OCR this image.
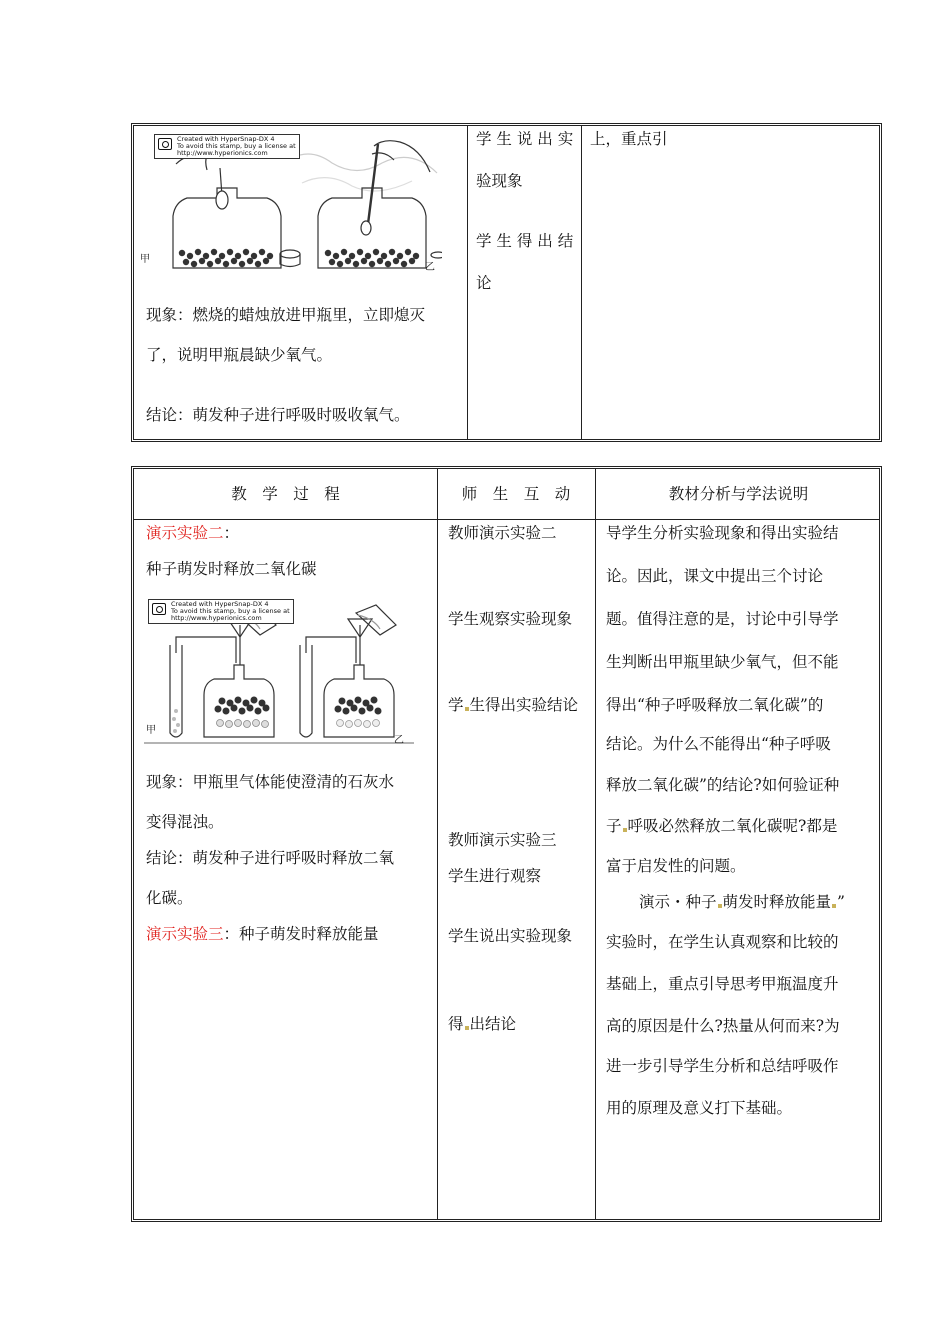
Created with HyperSnap-DX 4
To avoid this stamp, buy a license at
http://www.hyperionics.com
甲
乙
现象：燃烧的蜡烛放进甲瓶里，立即熄灭
了，说明甲瓶晨缺少氧气。
结论：萌发种子进行呼吸时吸收氧气。
学 生 说 出 实
验现象
学 生 得 出 结
论
上，重点引
教　学　过　程	师　生　互　动	教材分析与学法说明
演示实验二：
种子萌发时释放二氧化碳
Created with HyperSnap-DX 4
To avoid this stamp, buy a license at
http://www.hyperionics.com
甲
乙
现象：甲瓶里气体能使澄清的石灰水
变得混浊。
结论：萌发种子进行呼吸时释放二氧
化碳。
演示实验三：种子萌发时释放能量
教师演示实验二
学生观察实验现象
学 生得出实验结论
教师演示实验三
学生进行观察
学生说出实验现象
得 出结论
导学生分析实验现象和得出实验结
论。因此，课文中提出三个讨论
题。值得注意的是，讨论中引导学
生判断出甲瓶里缺少氧气，但不能
得出“种子呼吸释放二氧化碳”的
结论。为什么不能得出“种子呼吸
释放二氧化碳”的结论?如何验证种
子 呼吸必然释放二氧化碳呢?都是
富于启发性的问题。
演示・种子 萌发时释放能量 ”
实验时，在学生认真观察和比较的
基础上，重点引导思考甲瓶温度升
高的原因是什么?热量从何而来?为
进一步引导学生分析和总结呼吸作
用的原理及意义打下基础。
